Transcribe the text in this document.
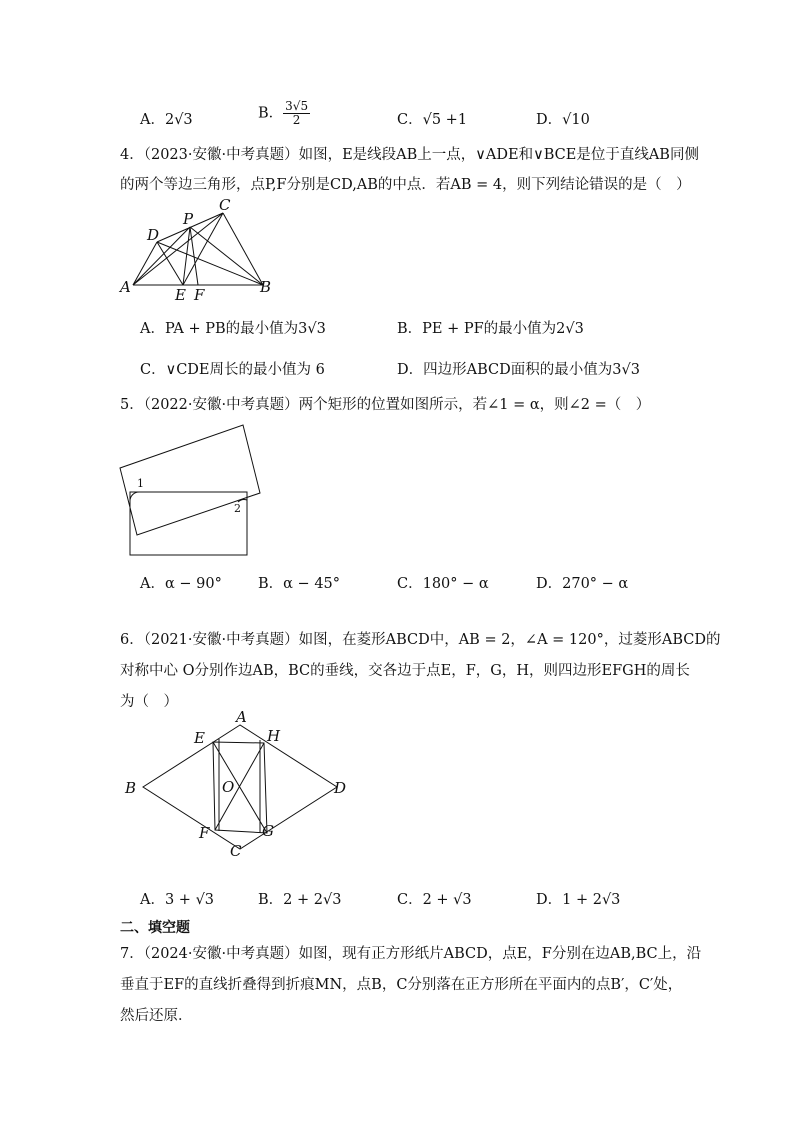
A．2√3	B． $\frac{3√5}{2}$	C．√5 +1	D．√10
4．（2023·安徽·中考真题）如图，E是线段AB上一点，∨ADE和∨BCE是位于直线AB同侧
的两个等边三角形，点P,F分别是CD,AB的中点．若AB = 4，则下列结论错误的是（　）
C
P
D
A	E F	B
A．PA + PB的最小值为3√3	B．PE + PF的最小值为2√3
C．∨CDE周长的最小值为 6	D．四边形ABCD面积的最小值为3√3
5．（2022·安徽·中考真题）两个矩形的位置如图所示，若∠1 = α，则∠2 =（　）
1
2
A．α − 90° B．α − 45°	C．180° − α	D．270° − α
6．（2021·安徽·中考真题）如图，在菱形ABCD中，AB = 2，∠A = 120°，过菱形ABCD的
对称中心 O分别作边AB，BC的垂线，交各边于点E，F，G，H，则四边形EFGH的周长
为（　）
A
E	H
B	O	D
F	G
C
A．3 + √3	B．2 + 2√3	C．2 + √3	D．1 + 2√3
二、填空题
7．（2024·安徽·中考真题）如图，现有正方形纸片ABCD，点E，F分别在边AB,BC上，沿
垂直于EF的直线折叠得到折痕MN，点B，C分别落在正方形所在平面内的点B′，C′处，
然后还原．
